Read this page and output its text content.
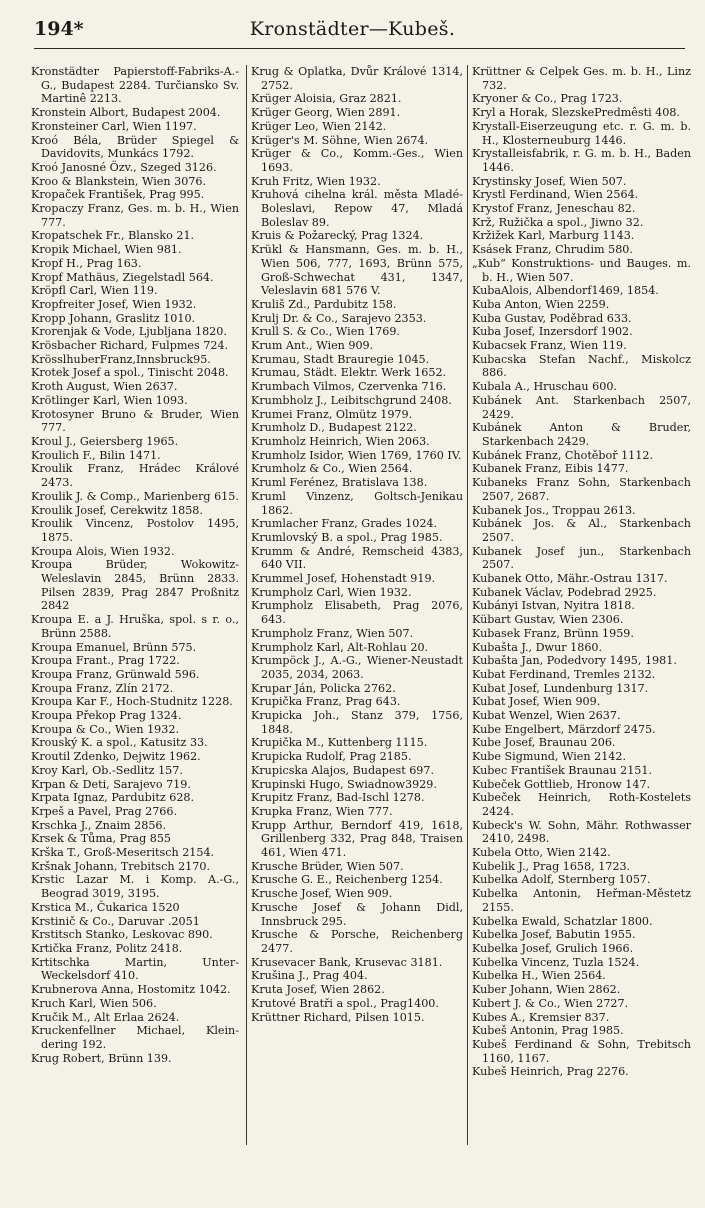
194*	Kronstädter—Kubeš.

Kronstädter Papierstoff-Fabriks-A.-G., Budapest 2284. Turčiansko Sv. Martinê 2213.

Kronstein Albort, Budapest 2004.

Kronsteiner Carl, Wien 1197.

Kroó Béla, Brüder Spiegel & Davidovits, Munkács 1792.

Kroó Janosné Özv., Szeged 3126.

Kroo & Blankstein, Wien 3076.

Kropaček František, Prag 995.

Kropaczy Franz, Ges. m. b. H., Wien 777.

Kropatschek Fr., Blansko 21.

Kropik Michael, Wien 981.

Kropf H., Prag 163.

Kropf Mathäus, Ziegelstadl 564.

Kröpfl Carl, Wien 119.

Kropfreiter Josef, Wien 1932.

Kropp Johann, Graslitz 1010.

Krorenjak & Vode, Ljubljana 1820.

Krösbacher Richard, Fulpmes 724.

KrösslhuberFranz,Innsbruck95.

Krotek Josef a spol., Tinischt 2048.

Kroth August, Wien 2637.

Krötlinger Karl, Wien 1093.

Krotosyner Bruno & Bruder, Wien 777.

Kroul J., Geiersberg 1965.

Kroulich F., Bilin 1471.

Kroulik Franz, Hrádec Králové 2473.

Kroulik J. & Comp., Marienberg 615.

Kroulik Josef, Cerekwitz 1858.

Kroulik Vincenz, Postolov 1495, 1875.

Kroupa Alois, Wien 1932.

Kroupa Brüder, Wokowitz-Weleslavin 2845, Brünn 2833. Pilsen 2839, Prag 2847 Proßnitz 2842

Kroupa E. a J. Hruška, spol. s r. o., Brünn 2588.

Kroupa Emanuel, Brünn 575.

Kroupa Frant., Prag 1722.

Kroupa Franz, Grünwald 596.

Kroupa Franz, Zlín 2172.

Kroupa Kar F., Hoch-Studnitz 1228.

Kroupa Překop Prag 1324.

Kroupa & Co., Wien 1932.

Krouský K. a spol., Katusitz 33.

Kroutil Zdenko, Dejwitz 1962.

Kroy Karl, Ob.-Sedlitz 157.

Krpan & Deti, Sarajevo 719.

Krpata Ignaz, Pardubitz 628.

Krpeš a Pavel, Prag 2766.

Krschka J., Znaim 2856.

Krsek & Tůma, Prag 855

Krška T., Groß-Meseritsch 2154.

Kršnak Johann, Trebitsch 2170.

Krstic Lazar M. i Komp. A.-G., Beograd 3019, 3195.

Krstica M., Čukarica 1520

Krstinič & Co., Daruvar .2051

Krstitsch Stanko, Leskovac 890.

Krtička Franz, Politz 2418.

Krtitschka Martin, Unter-Weckelsdorf 410.

Krubnerova Anna, Hostomitz 1042.

Kruch Karl, Wien 506.

Kručik M., Alt Erlaa 2624.

Kruckenfellner Michael, Klein-dering 192.

Krug Robert, Brünn 139.

Krug & Oplatka, Dvůr Králové 1314, 2752.

Krüger Aloisia, Graz 2821.

Krüger Georg, Wien 2891.

Krüger Leo, Wien 2142.

Krüger's M. Söhne, Wien 2674.

Krüger & Co., Komm.-Ges., Wien 1693.

Kruh Fritz, Wien 1932.

Kruhová cihelna král. města Mladé-Boleslavi, Repow 47, Mladá Boleslav 89.

Kruis & Požarecký, Prag 1324.

Krükl & Hansmann, Ges. m. b. H., Wien 506, 777, 1693, Brünn 575, Groß-Schwechat 431, 1347, Veleslavin 681 576 V.

Kruliš Zd., Pardubitz 158.

Krulj Dr. & Co., Sarajevo 2353.

Krull S. & Co., Wien 1769.

Krum Ant., Wien 909.

Krumau, Stadt Brauregie 1045.

Krumau, Städt. Elektr. Werk 1652.

Krumbach Vilmos, Czervenka 716.

Krumbholz J., Leibitschgrund 2408.

Krumei Franz, Olmütz 1979.

Krumholz D., Budapest 2122.

Krumholz Heinrich, Wien 2063.

Krumholz Isidor, Wien 1769, 1760 IV.

Krumholz & Co., Wien 2564.

Kruml Ferénez, Bratislava 138.

Kruml Vinzenz, Goltsch-Jenikau 1862.

Krumlacher Franz, Grades 1024.

Krumlovský B. a spol., Prag 1985.

Krumm & André, Remscheid 4383, 640 VII.

Krummel Josef, Hohenstadt 919.

Krumpholz Carl, Wien 1932.

Krumpholz Elisabeth, Prag 2076, 643.

Krumpholz Franz, Wien 507.

Krumpholz Karl, Alt-Rohlau 20.

Krumpöck J., A.-G., Wiener-Neustadt 2035, 2034, 2063.

Krupar Ján, Policka 2762.

Krupička Franz, Prag 643.

Krupicka Joh., Stanz 379, 1756, 1848.

Krupička M., Kuttenberg 1115.

Krupicka Rudolf, Prag 2185.

Krupicska Alajos, Budapest 697.

Krupinski Hugo, Swiadnow3929.

Krupitz Franz, Bad-Ischl 1278.

Krupka Franz, Wien 777.

Krupp Arthur, Berndorf 419, 1618, Grillenberg 332, Prag 848, Traisen 461, Wien 471.

Krusche Brüder, Wien 507.

Krusche G. E., Reichenberg 1254.

Krusche Josef, Wien 909.

Krusche Josef & Johann Didl, Innsbruck 295.

Krusche & Porsche, Reichenberg 2477.

Krusevacer Bank, Krusevac 3181.

Krušina J., Prag 404.

Kruta Josef, Wien 2862.

Krutové Bratři a spol., Prag1400.

Krüttner Richard, Pilsen 1015.

Krüttner & Celpek Ges. m. b. H., Linz 732.

Kryoner & Co., Prag 1723.

Kryl a Horak, SlezskePredmêsti 408.

Krystall-Eiserzeugung etc. r. G. m. b. H., Klosterneuburg 1446.

Krystalleisfabrik, r. G. m. b. H., Baden 1446.

Krystinsky Josef, Wien 507.

Krystl Ferdinand, Wien 2564.

Krystof Franz, Jeneschau 82.

Krž, Ružička a spol., Jiwno 32.

Kržižek Karl, Marburg 1143.

Ksásek Franz, Chrudim 580.

„Kub“ Konstruktions- und Bauges. m. b. H., Wien 507.

KubaAlois, Albendorf1469, 1854.

Kuba Anton, Wien 2259.

Kuba Gustav, Poděbrad 633.

Kuba Josef, Inzersdorf 1902.

Kubacsek Franz, Wien 119.

Kubacska Stefan Nachf., Miskolcz 886.

Kubala A., Hruschau 600.

Kubánek Ant. Starkenbach 2507, 2429.

Kubánek Anton & Bruder, Starkenbach 2429.

Kubánek Franz, Chotěboř 1112.

Kubanek Franz, Eibis 1477.

Kubaneks Franz Sohn, Starkenbach 2507, 2687.

Kubanek Jos., Troppau 2613.

Kubánek Jos. & Al., Starkenbach 2507.

Kubanek Josef jun., Starkenbach 2507.

Kubanek Otto, Mähr.-Ostrau 1317.

Kubanek Václav, Podebrad 2925.

Kubányi Istvan, Nyitra 1818.

Kübart Gustav, Wien 2306.

Kubasek Franz, Brünn 1959.

Kubašta J., Dwur 1860.

Kubašta Jan, Podedvory 1495, 1981.

Kubat Ferdinand, Tremles 2132.

Kubat Josef, Lundenburg 1317.

Kubat Josef, Wien 909.

Kubat Wenzel, Wien 2637.

Kube Engelbert, Märzdorf 2475.

Kube Josef, Braunau 206.

Kube Sigmund, Wien 2142.

Kubec František Braunau 2151.

Kubeček Gottlieb, Hronow 147.

Kubeček Heinrich, Roth-Kostelets 2424.

Kubeck's W. Sohn, Mähr. Rothwasser 2410, 2498.

Kubela Otto, Wien 2142.

Kubelik J., Prag 1658, 1723.

Kubelka Adolf, Sternberg 1057.

Kubelka Antonin, Heřman-Městetz 2155.

Kubelka Ewald, Schatzlar 1800.

Kubelka Josef, Babutin 1955.

Kubelka Josef, Grulich 1966.

Kubelka Vincenz, Tuzla 1524.

Kubelka H., Wien 2564.

Kuber Johann, Wien 2862.

Kubert J. & Co., Wien 2727.

Kubes A., Kremsier 837.

Kubeš Antonin, Prag 1985.

Kubeš Ferdinand & Sohn, Trebitsch 1160, 1167.

Kubeš Heinrich, Prag 2276.
